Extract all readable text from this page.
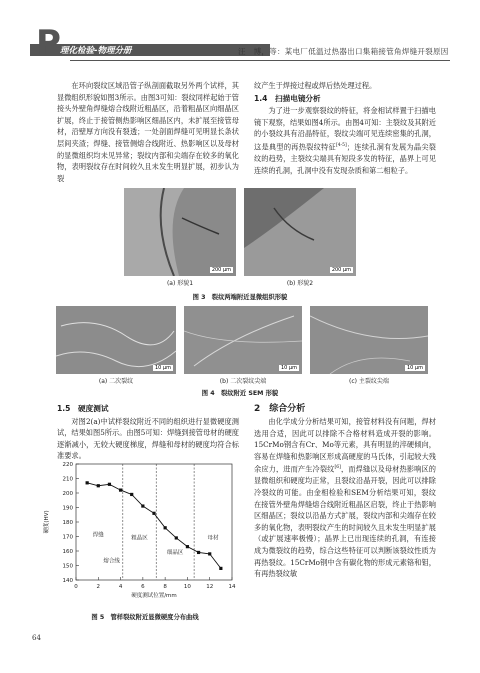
P 理化检验-物理分册	汪　博，等：某电厂低温过热器出口集箱接管角焊缝开裂原因

在环向裂纹区域沿管子纵剖面截取另外两个试样，其显微组织形貌如图3所示。由图3可知：裂纹同样起始于管接头外壁角焊缝熔合线附近粗晶区，沿着粗晶区向细晶区扩展，终止于接管侧热影响区细晶区内，未扩展至接管母材，沿壁厚方向没有裂透；一处剖面焊缝可见明显长条状层间夹渣；焊缝、接管侧熔合线附近、热影响区以及母材的显微组织均未见异常；裂纹内部和尖端存在较多的氧化物，表明裂纹存在时间较久且未发生明显扩展，初步认为裂

纹产生于焊接过程或焊后热处理过程。

1.4　扫描电镜分析

为了进一步观察裂纹的特征，将金相试样置于扫描电镜下观察，结果如图4所示。由图4可知：主裂纹及其附近的小裂纹具有沿晶特征，裂纹尖端可见连续密集的孔洞，这是典型的再热裂纹特征[4-5]；连续孔洞有发展为晶尖裂纹的趋势，主裂纹尖端具有短段多发的特征，晶界上可见连续的孔洞，孔洞中没有发现杂质和第二相粒子。

200 μm	200 μm
(a) 形貌1	(b) 形貌2
图 3　裂纹两端附近显微组织形貌
10 μm	10 μm	10 μm
(a) 二次裂纹	(b) 二次裂纹尖端	(c) 主裂纹尖端
图 4　裂纹附近 SEM 形貌
1.5　硬度测试

对图2(a)中试样裂纹附近不同的组织进行显微硬度测试，结果如图5所示。由图5可知：焊缝到接管母材的硬度逐渐减小，无较大硬度梯度，焊缝和母材的硬度均符合标准要求。

140
150
160
170
180
190
200
210
220
0	2	4	6	8	10	12	14
硬度测试位置/mm
硬度(HV)
焊缝	粗晶区
细晶区
母材
熔合线
图 5　管样裂纹附近显微硬度分布曲线
2　综合分析

由化学成分分析结果可知，接管材料没有问题，焊材选用合适，因此可以排除不合格材料造成开裂的影响。15CrMo钢含有Cr、Mo等元素，具有明显的淬硬倾向，容易在焊缝和热影响区形成高硬度的马氏体，引起较大残余应力，进而产生冷裂纹[6]，而焊缝以及母材热影响区的显微组织和硬度均正常，且裂纹沿晶开裂，因此可以排除冷裂纹的可能。由金相检验和SEM分析结果可知，裂纹在接管外壁角焊缝熔合线附近粗晶区启裂，终止于热影响区细晶区；裂纹以沿晶方式扩展，裂纹内部和尖端存在较多的氧化物，表明裂纹产生的时间较久且未发生明显扩展（或扩展速率极慢）；晶界上已出现连续的孔洞，有连接成为微裂纹的趋势，综合这些特征可以判断该裂纹性质为再热裂纹。15CrMo钢中含有碳化物的形成元素铬和钼，有再热裂纹敏

64
